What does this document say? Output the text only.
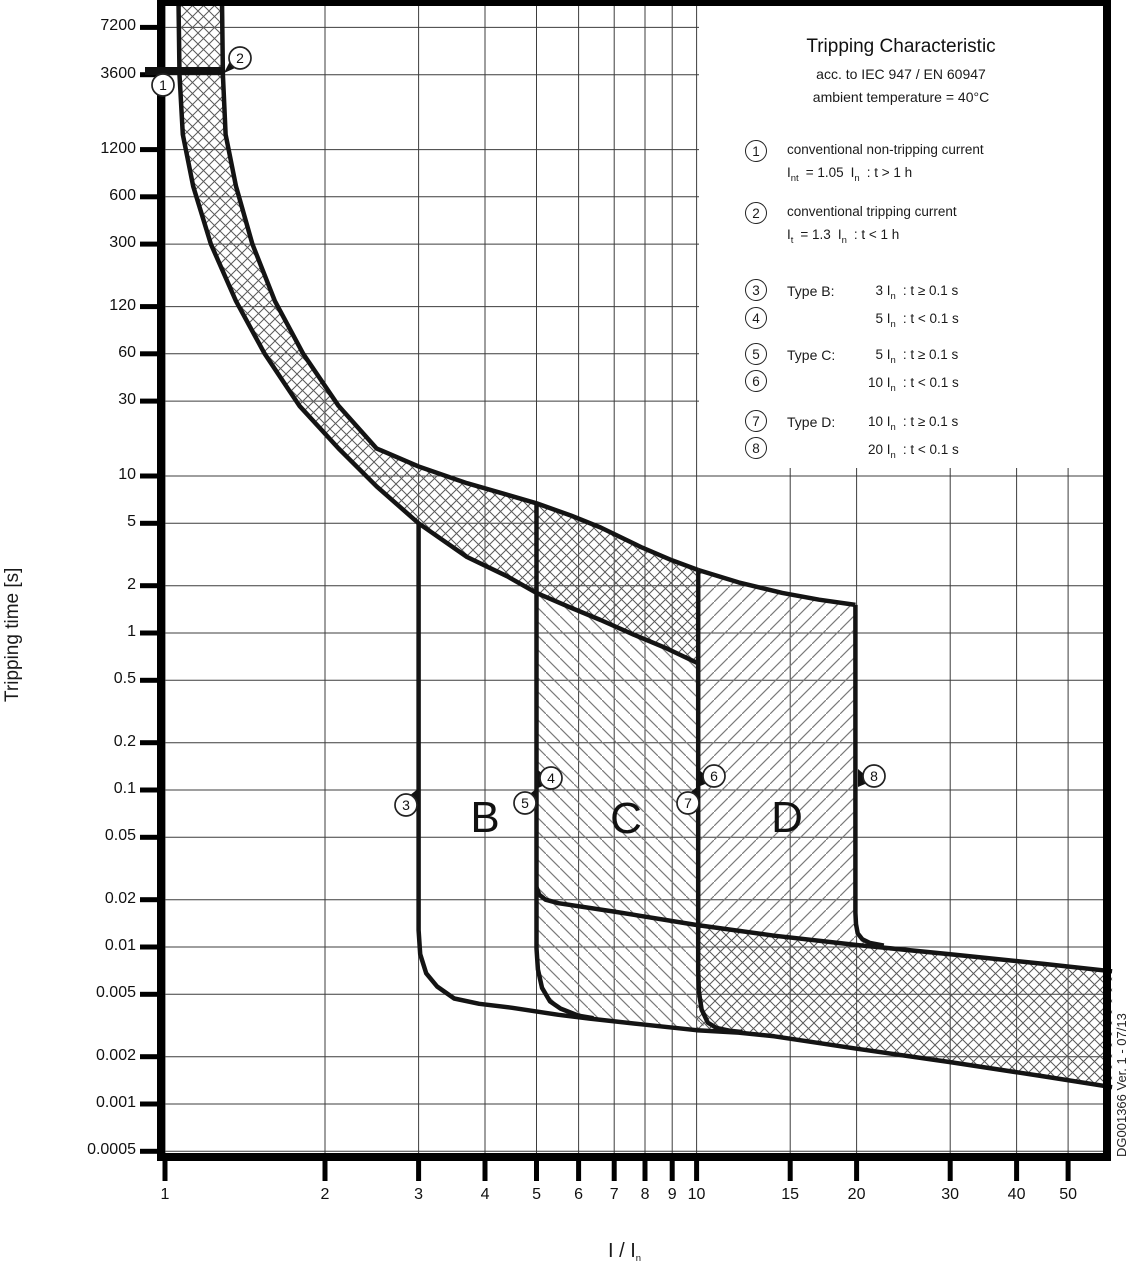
1
2
3
4
5
6
7
8
7200
3600
1200
600
300
120
60
30
10
5
2
1
0.5
0.2
0.1
0.05
0.02
0.01
0.005
0.002
0.001
0.0005
1	2	3	4	5 6 7 8 9 10	15	20	30	40 50
Tripping Characteristic
acc. to IEC 947 / EN 60947
ambient temperature = 40°C
1 conventional non-tripping current
$I_{nt} = 1.05$ $I_n$ : t > 1 h
2 conventional tripping current
$I_t = 1.3$ $I_n$ : t < 1 h
3
4
Type B:	3 $I_n$ : t ≥ 0.1 s
5 $I_n$ : t < 0.1 s
5
6
Type C:	5 $I_n$ : t ≥ 0.1 s
10 $I_n$ : t < 0.1 s
7
8
Type D:	10 $I_n$ : t ≥ 0.1 s
20 $I_n$ : t < 0.1 s
B	C	D
Tripping time [s]
I / $I_n$
DG001366 Ver. 1 - 07/13
